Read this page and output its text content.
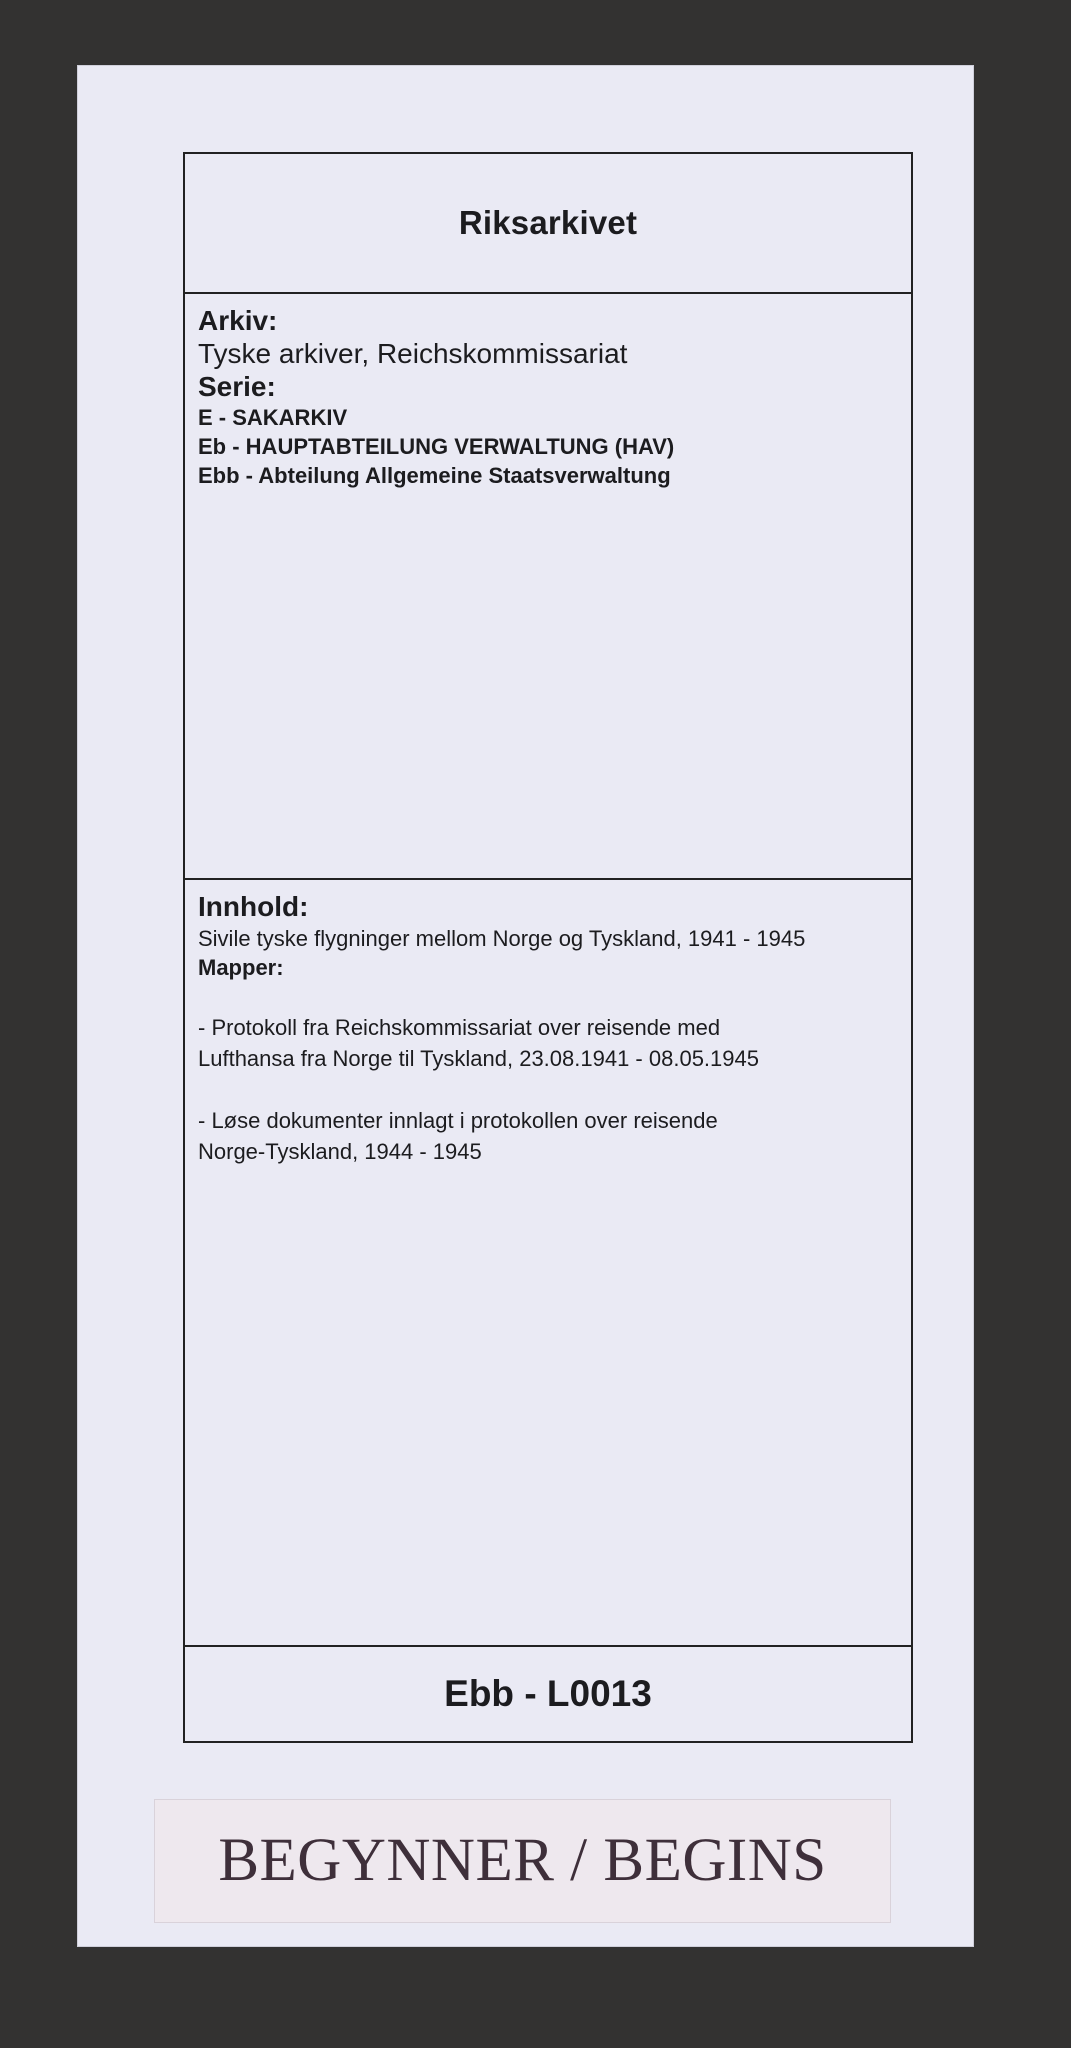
Riksarkivet
Arkiv:
Tyske arkiver, Reichskommissariat
Serie:
E - SAKARKIV
Eb - HAUPTABTEILUNG VERWALTUNG (HAV)
Ebb - Abteilung Allgemeine Staatsverwaltung
Innhold:
Sivile tyske flygninger mellom Norge og Tyskland, 1941 - 1945
Mapper:
- Protokoll fra Reichskommissariat over reisende med
Lufthansa fra Norge til Tyskland, 23.08.1941 - 08.05.1945
- Løse dokumenter innlagt i protokollen over reisende
Norge-Tyskland, 1944 - 1945
Ebb - L0013
BEGYNNER / BEGINS
